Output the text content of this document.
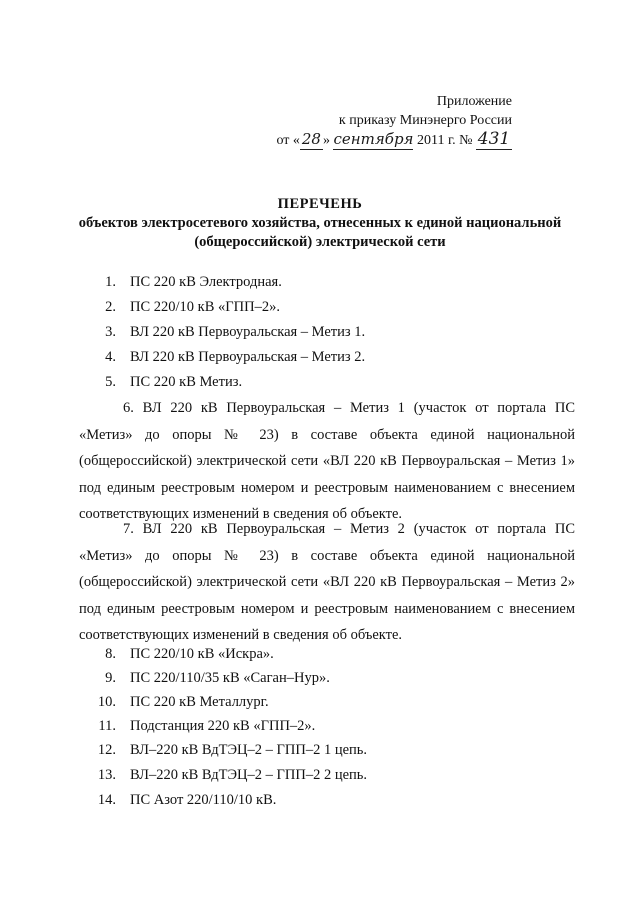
Приложение
к приказу Минэнерго России
от « 28 » сентября 2011 г. № 431
ПЕРЕЧЕНЬ
объектов электросетевого хозяйства, отнесенных к единой национальной
(общероссийской) электрической сети
1. ПС 220 кВ Электродная.
2. ПС 220/10 кВ «ГПП–2».
3. ВЛ 220 кВ Первоуральская – Метиз 1.
4. ВЛ 220 кВ Первоуральская – Метиз 2.
5. ПС 220 кВ Метиз.
6. ВЛ 220 кВ Первоуральская – Метиз 1 (участок от портала ПС «Метиз» до опоры № 23) в составе объекта единой национальной (общероссийской) электрической сети «ВЛ 220 кВ Первоуральская – Метиз 1» под единым реестровым номером и реестровым наименованием с внесением соответствующих изменений в сведения об объекте.
7. ВЛ 220 кВ Первоуральская – Метиз 2 (участок от портала ПС «Метиз» до опоры № 23) в составе объекта единой национальной (общероссийской) электрической сети «ВЛ 220 кВ Первоуральская – Метиз 2» под единым реестровым номером и реестровым наименованием с внесением соответствующих изменений в сведения об объекте.
8. ПС 220/10 кВ «Искра».
9. ПС 220/110/35 кВ «Саган–Нур».
10. ПС 220 кВ Металлург.
11. Подстанция 220 кВ «ГПП–2».
12. ВЛ–220 кВ ВдТЭЦ–2 – ГПП–2 1 цепь.
13. ВЛ–220 кВ ВдТЭЦ–2 – ГПП–2 2 цепь.
14. ПС Азот 220/110/10 кВ.
